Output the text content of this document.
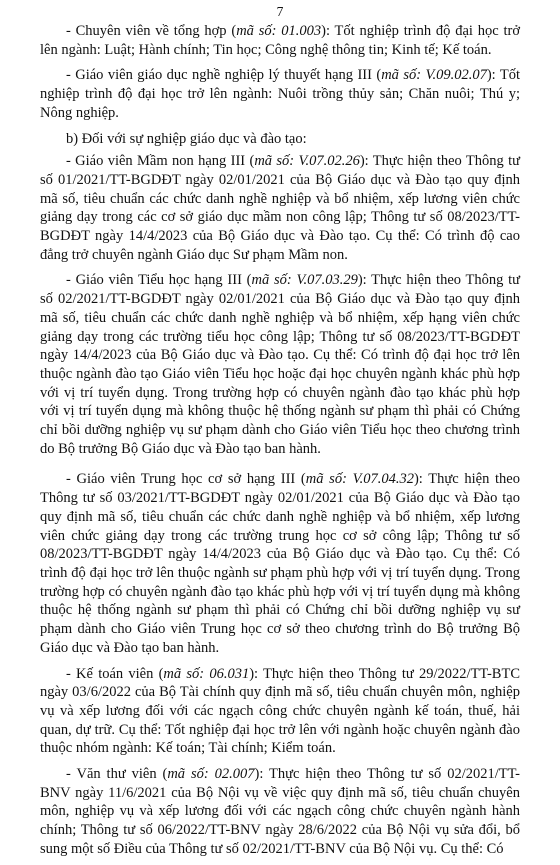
7

- Chuyên viên về tổng hợp (mã số: 01.003): Tốt nghiệp trình độ đại học trở lên ngành: Luật; Hành chính; Tin học; Công nghệ thông tin; Kinh tế; Kế toán.

- Giáo viên giáo dục nghề nghiệp lý thuyết hạng III (mã số: V.09.02.07): Tốt nghiệp trình độ đại học trở lên ngành: Nuôi trồng thủy sản; Chăn nuôi; Thú y; Nông nghiệp.

b) Đối với sự nghiệp giáo dục và đào tạo:

- Giáo viên Mầm non hạng III (mã số: V.07.02.26): Thực hiện theo Thông tư số 01/2021/TT-BGDĐT ngày 02/01/2021 của Bộ Giáo dục và Đào tạo quy định mã số, tiêu chuẩn các chức danh nghề nghiệp và bổ nhiệm, xếp lương viên chức giảng dạy trong các cơ sở giáo dục mầm non công lập; Thông tư số 08/2023/TT-BGDĐT ngày 14/4/2023 của Bộ Giáo dục và Đào tạo. Cụ thể: Có trình độ cao đẳng trở chuyên ngành Giáo dục Sư phạm Mầm non.

- Giáo viên Tiểu học hạng III (mã số: V.07.03.29): Thực hiện theo Thông tư số 02/2021/TT-BGDĐT ngày 02/01/2021 của Bộ Giáo dục và Đào tạo quy định mã số, tiêu chuẩn các chức danh nghề nghiệp và bổ nhiệm, xếp hạng viên chức giảng dạy trong các trường tiểu học công lập; Thông tư số 08/2023/TT-BGDĐT ngày 14/4/2023 của Bộ Giáo dục và Đào tạo. Cụ thể: Có trình độ đại học trở lên thuộc ngành đào tạo Giáo viên Tiểu học hoặc đại học chuyên ngành khác phù hợp với vị trí tuyển dụng. Trong trường hợp có chuyên ngành đào tạo khác phù hợp với vị trí tuyển dụng mà không thuộc hệ thống ngành sư phạm thì phải có Chứng chỉ bồi dưỡng nghiệp vụ sư phạm dành cho Giáo viên Tiểu học theo chương trình do Bộ trưởng Bộ Giáo dục và Đào tạo ban hành.

- Giáo viên Trung học cơ sở hạng III (mã số: V.07.04.32): Thực hiện theo Thông tư số 03/2021/TT-BGDĐT ngày 02/01/2021 của Bộ Giáo dục và Đào tạo quy định mã số, tiêu chuẩn các chức danh nghề nghiệp và bổ nhiệm, xếp lương viên chức giảng dạy trong các trường trung học cơ sở công lập; Thông tư số 08/2023/TT-BGDĐT ngày 14/4/2023 của Bộ Giáo dục và Đào tạo. Cụ thể: Có trình độ đại học trở lên thuộc ngành sư phạm phù hợp với vị trí tuyển dụng. Trong trường hợp có chuyên ngành đào tạo khác phù hợp với vị trí tuyển dụng mà không thuộc hệ thống ngành sư phạm thì phải có Chứng chỉ bồi dưỡng nghiệp vụ sư phạm dành cho Giáo viên Trung học cơ sở theo chương trình do Bộ trưởng Bộ Giáo dục và Đào tạo ban hành.

- Kế toán viên (mã số: 06.031): Thực hiện theo Thông tư 29/2022/TT-BTC ngày 03/6/2022 của Bộ Tài chính quy định mã số, tiêu chuẩn chuyên môn, nghiệp vụ và xếp lương đối với các ngạch công chức chuyên ngành kế toán, thuế, hải quan, dự trữ. Cụ thể: Tốt nghiệp đại học trở lên với ngành hoặc chuyên ngành đào thuộc nhóm ngành: Kế toán; Tài chính; Kiểm toán.

- Văn thư viên (mã số: 02.007): Thực hiện theo Thông tư số 02/2021/TT-BNV ngày 11/6/2021 của Bộ Nội vụ về việc quy định mã số, tiêu chuẩn chuyên môn, nghiệp vụ và xếp lương đối với các ngạch công chức chuyên ngành hành chính; Thông tư số 06/2022/TT-BNV ngày 28/6/2022 của Bộ Nội vụ sửa đổi, bổ sung một số Điều của Thông tư số 02/2021/TT-BNV của Bộ Nội vụ. Cụ thể: Có
